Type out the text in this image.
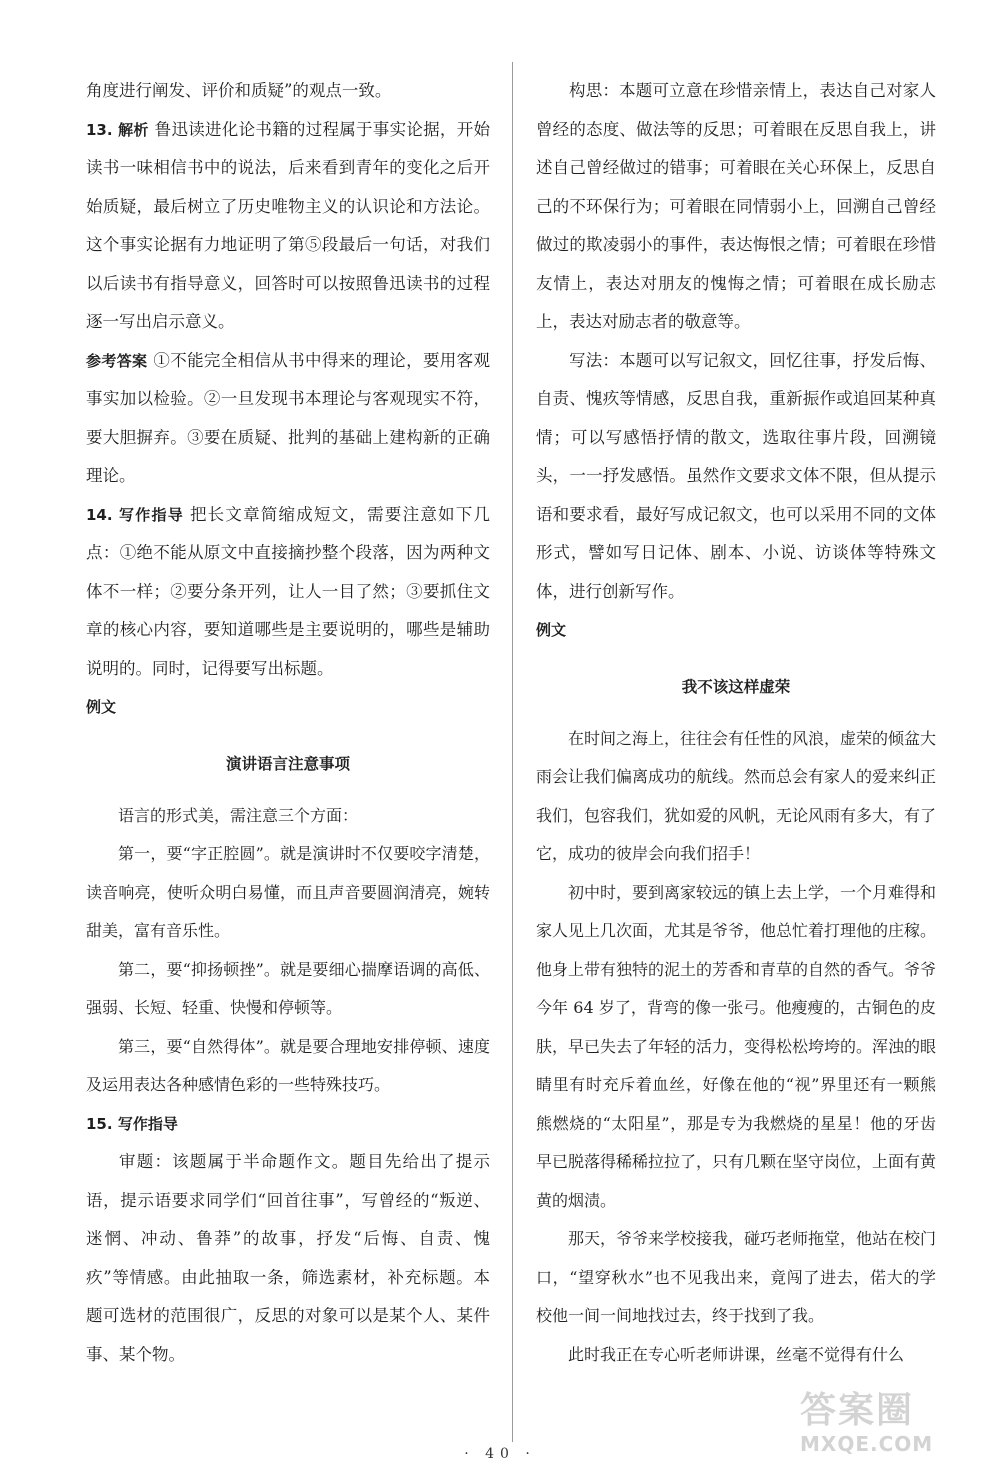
角度进行阐发、评价和质疑”的观点一致。

13. 解析 鲁迅读进化论书籍的过程属于事实论据，开始读书一味相信书中的说法，后来看到青年的变化之后开始质疑，最后树立了历史唯物主义的认识论和方法论。这个事实论据有力地证明了第⑤段最后一句话，对我们以后读书有指导意义，回答时可以按照鲁迅读书的过程逐一写出启示意义。

参考答案 ①不能完全相信从书中得来的理论，要用客观事实加以检验。②一旦发现书本理论与客观现实不符，要大胆摒弃。③要在质疑、批判的基础上建构新的正确理论。

14. 写作指导 把长文章简缩成短文，需要注意如下几点：①绝不能从原文中直接摘抄整个段落，因为两种文体不一样；②要分条开列，让人一目了然；③要抓住文章的核心内容，要知道哪些是主要说明的，哪些是辅助说明的。同时，记得要写出标题。

例文
演讲语言注意事项

语言的形式美，需注意三个方面：

第一，要“字正腔圆”。就是演讲时不仅要咬字清楚，读音响亮，使听众明白易懂，而且声音要圆润清亮，婉转甜美，富有音乐性。

第二，要“抑扬顿挫”。就是要细心揣摩语调的高低、强弱、长短、轻重、快慢和停顿等。

第三，要“自然得体”。就是要合理地安排停顿、速度及运用表达各种感情色彩的一些特殊技巧。

15. 写作指导

审题：该题属于半命题作文。题目先给出了提示语，提示语要求同学们“回首往事”，写曾经的“叛逆、迷惘、冲动、鲁莽”的故事，抒发“后悔、自责、愧疚”等情感。由此抽取一条，筛选素材，补充标题。本题可选材的范围很广，反思的对象可以是某个人、某件事、某个物。

构思：本题可立意在珍惜亲情上，表达自己对家人曾经的态度、做法等的反思；可着眼在反思自我上，讲述自己曾经做过的错事；可着眼在关心环保上，反思自己的不环保行为；可着眼在同情弱小上，回溯自己曾经做过的欺凌弱小的事件，表达悔恨之情；可着眼在珍惜友情上，表达对朋友的愧悔之情；可着眼在成长励志上，表达对励志者的敬意等。

写法：本题可以写记叙文，回忆往事，抒发后悔、自责、愧疚等情感，反思自我，重新振作或追回某种真情；可以写感悟抒情的散文，选取往事片段，回溯镜头，一一抒发感悟。虽然作文要求文体不限，但从提示语和要求看，最好写成记叙文，也可以采用不同的文体形式，譬如写日记体、剧本、小说、访谈体等特殊文体，进行创新写作。

例文
我不该这样虚荣

在时间之海上，往往会有任性的风浪，虚荣的倾盆大雨会让我们偏离成功的航线。然而总会有家人的爱来纠正我们，包容我们，犹如爱的风帆，无论风雨有多大，有了它，成功的彼岸会向我们招手！

初中时，要到离家较远的镇上去上学，一个月难得和家人见上几次面，尤其是爷爷，他总忙着打理他的庄稼。他身上带有独特的泥土的芳香和青草的自然的香气。爷爷今年 64 岁了，背弯的像一张弓。他瘦瘦的，古铜色的皮肤，早已失去了年轻的活力，变得松松垮垮的。浑浊的眼睛里有时充斥着血丝，好像在他的“视”界里还有一颗熊熊燃烧的“太阳星”，那是专为我燃烧的星星！他的牙齿早已脱落得稀稀拉拉了，只有几颗在坚守岗位，上面有黄黄的烟渍。

那天，爷爷来学校接我，碰巧老师拖堂，他站在校门口，“望穿秋水”也不见我出来，竟闯了进去，偌大的学校他一间一间地找过去，终于找到了我。

此时我正在专心听老师讲课，丝毫不觉得有什么

· 40 ·
答案圈
MXQE.COM
